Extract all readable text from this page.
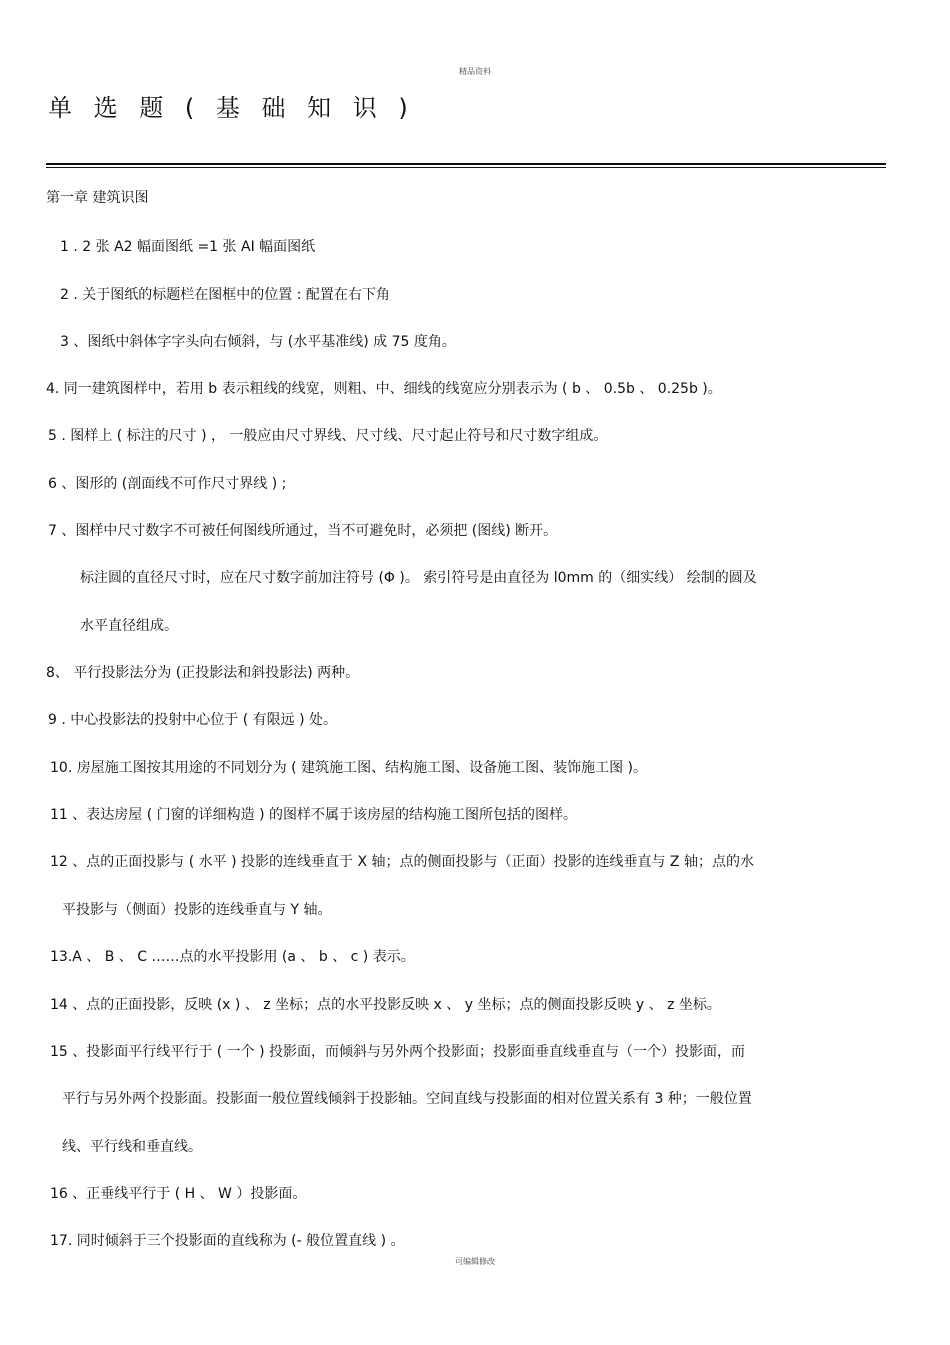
精品资料
单 选 题 ( 基 础 知 识 )
第一章 建筑识图
1 . 2 张 A2 幅面图纸 =1 张 AI 幅面图纸
2 . 关于图纸的标题栏在图框中的位置 : 配置在右下角
3 、图纸中斜体字字头向右倾斜，与 (水平基准线) 成 75 度角。
4. 同一建筑图样中，若用 b 表示粗线的线宽，则粗、中、细线的线宽应分别表示为 ( b 、 0.5b 、 0.25b )。
5 . 图样上 ( 标注的尺寸 ) ， 一般应由尺寸界线、尺寸线、尺寸起止符号和尺寸数字组成。
6 、图形的 (剖面线不可作尺寸界线 ) ;
7 、图样中尺寸数字不可被任何图线所通过，当不可避免时，必须把 (图线) 断开。
标注圆的直径尺寸时，应在尺寸数字前加注符号 (Φ )。 索引符号是由直径为 l0mm 的（细实线） 绘制的圆及
水平直径组成。
8、 平行投影法分为 (正投影法和斜投影法) 两种。
9 . 中心投影法的投射中心位于 ( 有限远 ) 处。
10. 房屋施工图按其用途的不同划分为 ( 建筑施工图、结构施工图、设备施工图、装饰施工图 )。
11 、表达房屋 ( 门窗的详细构造 ) 的图样不属于该房屋的结构施工图所包括的图样。
12 、点的正面投影与 ( 水平 ) 投影的连线垂直于 X 轴；点的侧面投影与（正面）投影的连线垂直与 Z 轴；点的水
平投影与（侧面）投影的连线垂直与 Y 轴。
13.A 、 B 、 C ……点的水平投影用 (a 、 b 、 c ) 表示。
14 、点的正面投影，反映 (x ) 、 z 坐标；点的水平投影反映 x 、 y 坐标；点的侧面投影反映 y 、 z 坐标。
15 、投影面平行线平行于 ( 一个 ) 投影面，而倾斜与另外两个投影面；投影面垂直线垂直与（一个）投影面，而
平行与另外两个投影面。投影面一般位置线倾斜于投影轴。空间直线与投影面的相对位置关系有 3 种；一般位置
线、平行线和垂直线。
16 、正垂线平行于 ( H 、 W ）投影面。
17. 同时倾斜于三个投影面的直线称为 (- 般位置直线 ) 。
可编辑修改
